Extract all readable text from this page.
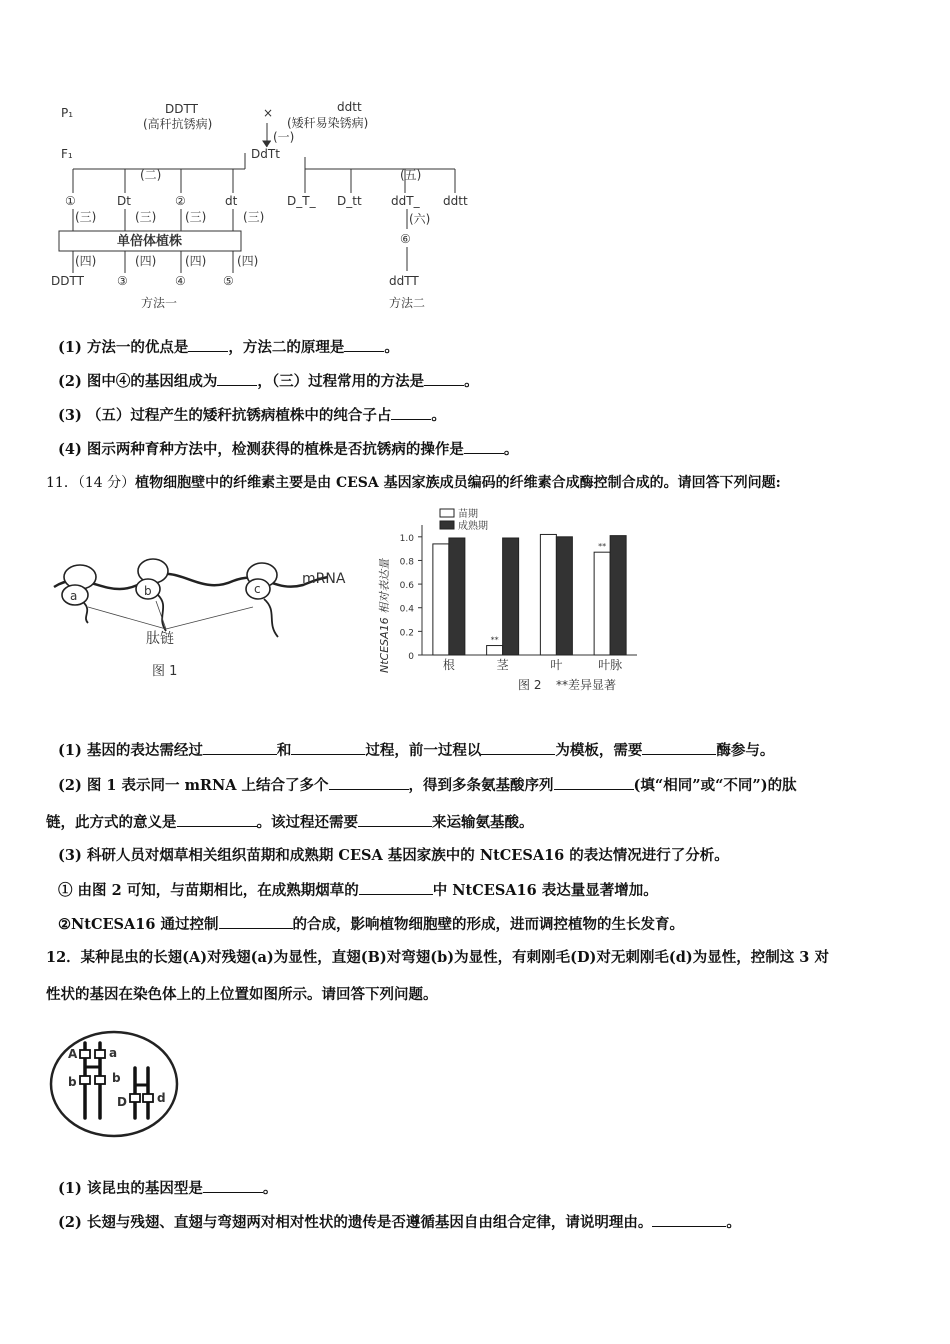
P₁
F₁
DDTT
(高秆抗锈病)
×	ddtt
(矮秆易染锈病)
(一)
DdTt
(二)	(五)
①	Dt	②	dt
(三)	(三) (三)	(三)
单倍体植株
(四)	(四) (四)	(四)
DDTT	③	④	⑤
方法一
D_T_ D_tt ddT_ ddtt
(六)
⑥
ddTT
方法二
(1) 方法一的优点是	，方法二的原理是	。
(2) 图中④的基因组成为	，（三）过程常用的方法是	。
(3) （五）过程产生的矮秆抗锈病植株中的纯合子占	。
(4) 图示两种育种方法中，检测获得的植株是否抗锈病的操作是	。
11．（14 分）植物细胞壁中的纤维素主要是由 CESA 基因家族成员编码的纤维素合成酶控制合成的。请回答下列问题:
a	b	c
mRNA
肽链
图 1	NtCESA16 相对表达量 0
0.2
0.4
0.6
0.8
1.0
**
**
根	茎	叶	叶脉
苗期
成熟期
图 2 **差异显著
(1) 基因的表达需经过	和	过程，前一过程以	为模板，需要	酶参与。
(2) 图 1 表示同一 mRNA 上结合了多个	，得到多条氨基酸序列	(填“相同”或“不同”)的肽
链，此方式的意义是	。该过程还需要	来运输氨基酸。
(3) 科研人员对烟草相关组织苗期和成熟期 CESA 基因家族中的 NtCESA16 的表达情况进行了分析。
① 由图 2 可知，与苗期相比，在成熟期烟草的	中 NtCESA16 表达量显著增加。
②NtCESA16 通过控制	的合成，影响植物细胞壁的形成，进而调控植物的生长发育。
12．某种昆虫的长翅(A)对残翅(a)为显性，直翅(B)对弯翅(b)为显性，有刺刚毛(D)对无刺刚毛(d)为显性，控制这 3 对
性状的基因在染色体上的上位置如图所示。请回答下列问题。
A	a
b	b
D	d
(1) 该昆虫的基因型是	。
(2) 长翅与残翅、直翅与弯翅两对相对性状的遗传是否遵循基因自由组合定律，请说明理由。	。
